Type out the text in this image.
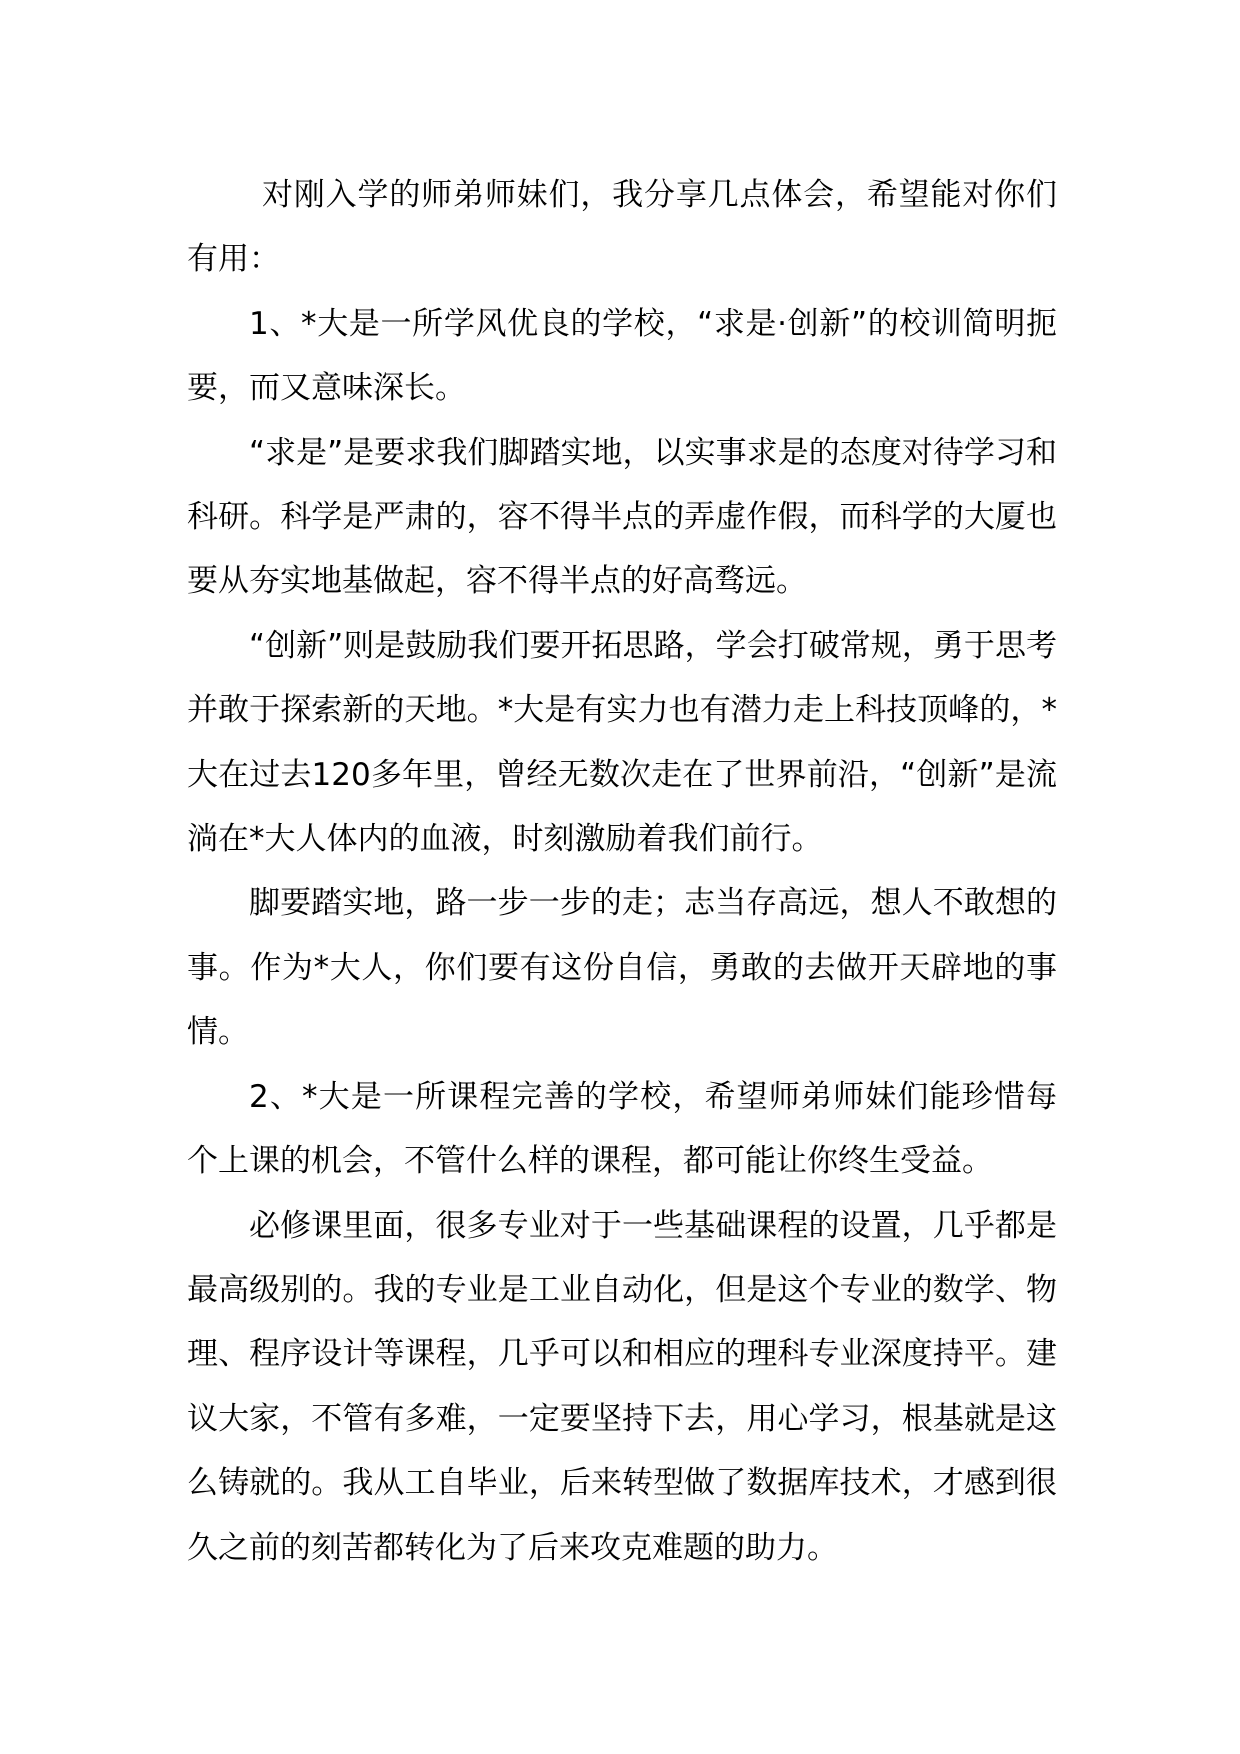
对刚入学的师弟师妹们，我分享几点体会，希望能对你们有用：

1、*大是一所学风优良的学校，“求是·创新”的校训简明扼要，而又意味深长。

“求是”是要求我们脚踏实地，以实事求是的态度对待学习和科研。科学是严肃的，容不得半点的弄虚作假，而科学的大厦也要从夯实地基做起，容不得半点的好高骛远。

“创新”则是鼓励我们要开拓思路，学会打破常规，勇于思考并敢于探索新的天地。*大是有实力也有潜力走上科技顶峰的，*大在过去120多年里，曾经无数次走在了世界前沿，“创新”是流淌在*大人体内的血液，时刻激励着我们前行。

脚要踏实地，路一步一步的走；志当存高远，想人不敢想的事。作为*大人，你们要有这份自信，勇敢的去做开天辟地的事情。

2、*大是一所课程完善的学校，希望师弟师妹们能珍惜每个上课的机会，不管什么样的课程，都可能让你终生受益。

必修课里面，很多专业对于一些基础课程的设置，几乎都是最高级别的。我的专业是工业自动化，但是这个专业的数学、物理、程序设计等课程，几乎可以和相应的理科专业深度持平。建议大家，不管有多难，一定要坚持下去，用心学习，根基就是这么铸就的。我从工自毕业，后来转型做了数据库技术，才感到很久之前的刻苦都转化为了后来攻克难题的助力。
